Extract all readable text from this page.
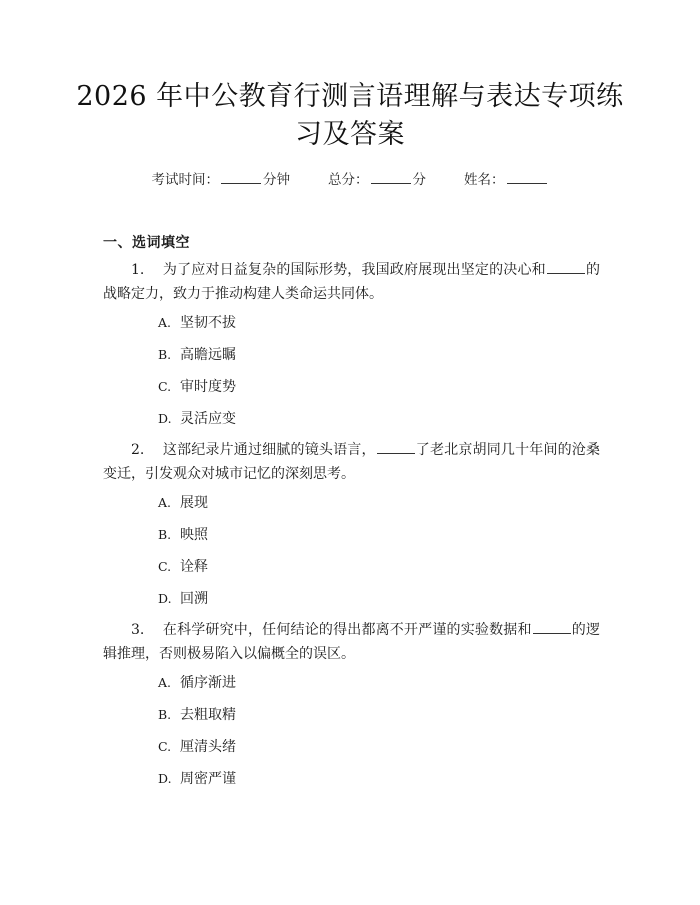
2026 年中公教育行测言语理解与表达专项练
习及答案
考试时间：	分钟	总分：	分	姓名：
一、选词填空
1. 为了应对日益复杂的国际形势，我国政府展现出坚定的决心和	的战略定力，致力于推动构建人类命运共同体。
A. 坚韧不拔
B. 高瞻远瞩
C. 审时度势
D. 灵活应变
2. 这部纪录片通过细腻的镜头语言，	了老北京胡同几十年间的沧桑变迁，引发观众对城市记忆的深刻思考。
A. 展现
B. 映照
C. 诠释
D. 回溯
3. 在科学研究中，任何结论的得出都离不开严谨的实验数据和	的逻辑推理，否则极易陷入以偏概全的误区。
A. 循序渐进
B. 去粗取精
C. 厘清头绪
D. 周密严谨
